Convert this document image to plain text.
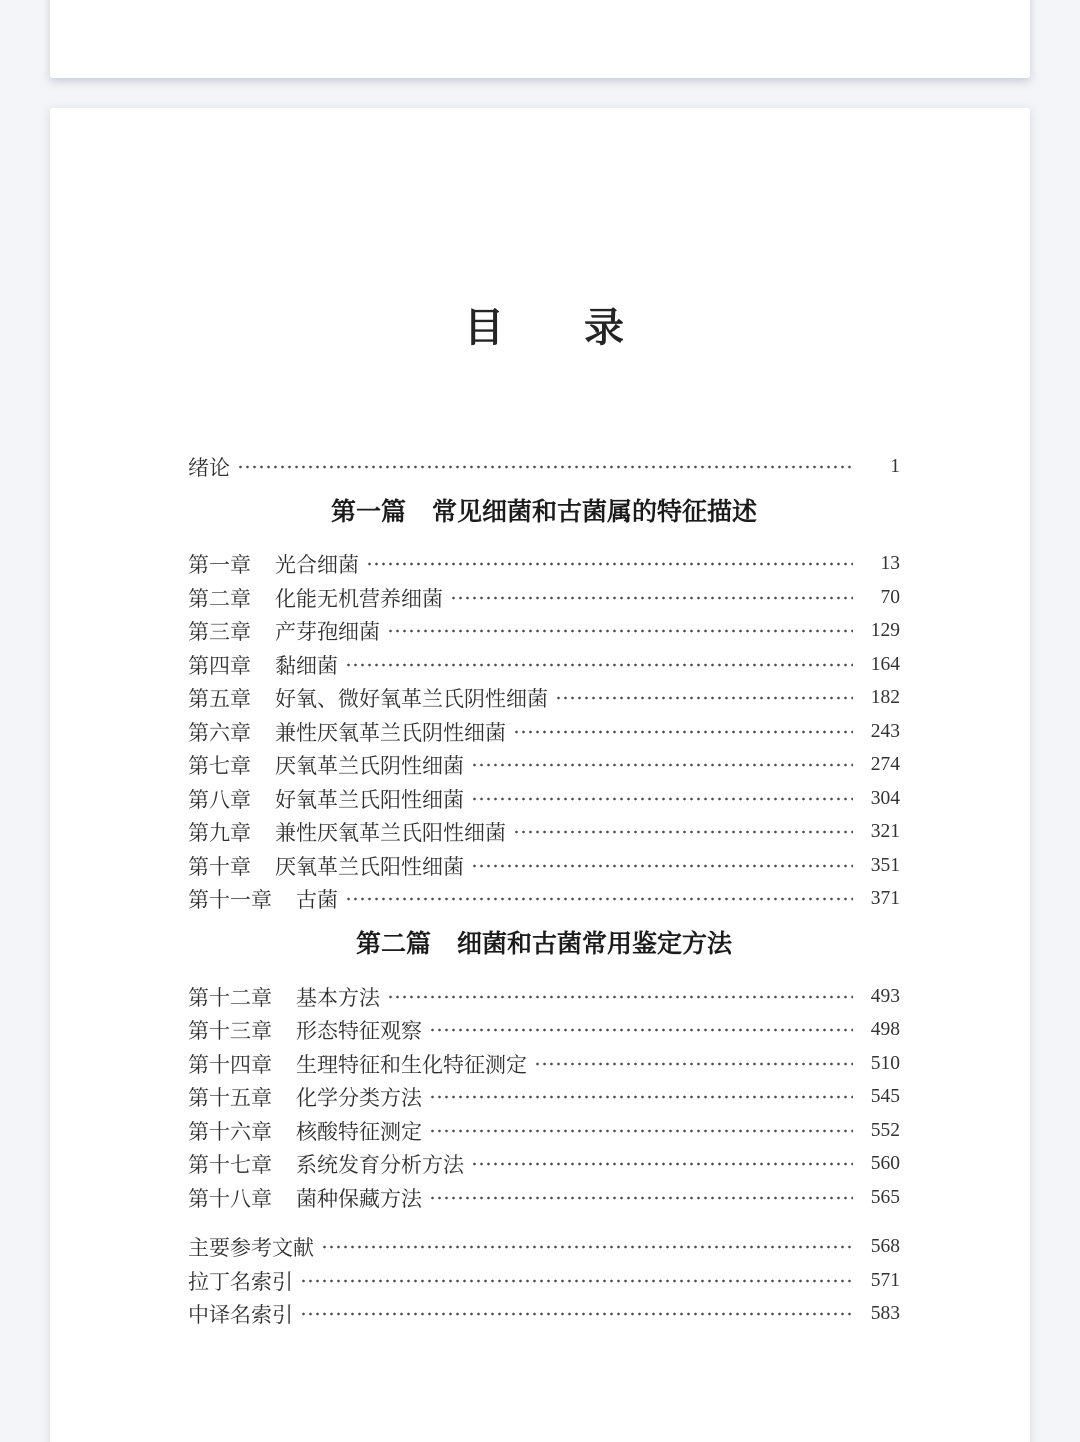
目　　录
绪论	1
第一篇 常见细菌和古菌属的特征描述
第一章 光合细菌	13
第二章 化能无机营养细菌	70
第三章 产芽孢细菌	129
第四章 黏细菌	164
第五章 好氧、微好氧革兰氏阴性细菌	182
第六章 兼性厌氧革兰氏阴性细菌	243
第七章 厌氧革兰氏阴性细菌	274
第八章 好氧革兰氏阳性细菌	304
第九章 兼性厌氧革兰氏阳性细菌	321
第十章 厌氧革兰氏阳性细菌	351
第十一章 古菌	371
第二篇 细菌和古菌常用鉴定方法
第十二章 基本方法	493
第十三章 形态特征观察	498
第十四章 生理特征和生化特征测定	510
第十五章 化学分类方法	545
第十六章 核酸特征测定	552
第十七章 系统发育分析方法	560
第十八章 菌种保藏方法	565
主要参考文献	568
拉丁名索引	571
中译名索引	583
